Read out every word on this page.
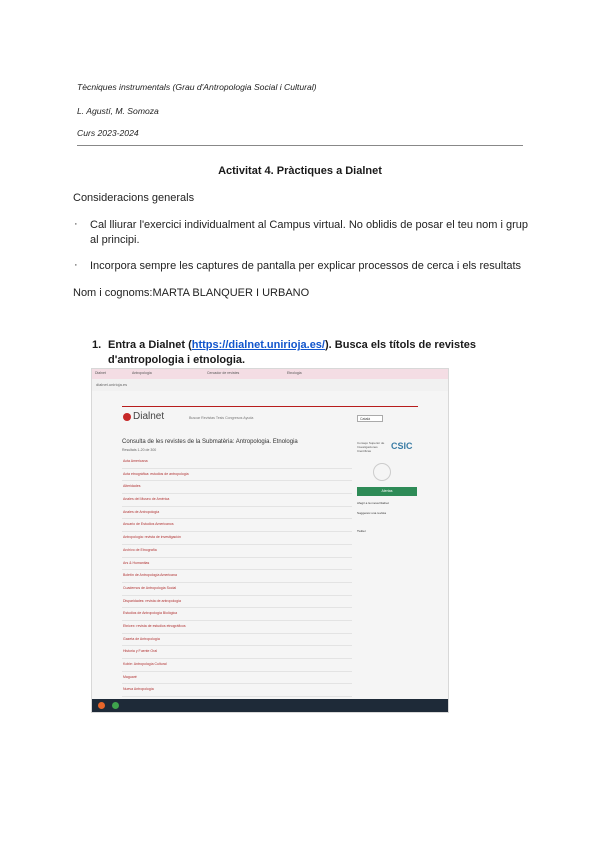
Tècniques instrumentals (Grau d'Antropologia Social i Cultural)
L. Agustí, M. Somoza
Curs 2023-2024
Activitat 4. Pràctiques a Dialnet
Consideracions generals
· Cal lliurar l'exercici individualment al Campus virtual. No oblidis de posar el teu nom i grup al principi.
· Incorpora sempre les captures de pantalla per explicar processos de cerca i els resultats
Nom i cognoms:MARTA BLANQUER I URBANO
1. Entra a Dialnet (https://dialnet.unirioja.es/). Busca els títols de revistes d'antropologia i etnologia.
Dialnet	Antropologia	Cercador de revistes	Etnologia
dialnet.unirioja.es
Dialnet	Buscar Revistas Tesis Congresos Ayuda	Català
Consulta de les revistes de la Submatèria: Antropologia. Etnologia
Resultats 1-20 de 300
Acta Americana
Acta etnográfica: estudios de antropología
Alteridades
Anales del Museo de América
Anales de Antropología
Anuario de Estudios Americanos
Antropologia: revista de investigación
Archivo de Etnografía
Ars & Humanitas
Boletín de Antropología Americana
Cuadernos de Antropología Social
Disparidades: revista de antropología
Estudios de Antropología Biológica
Etnicex: revista de estudios etnográficos
Gazeta de Antropología
Historia y Fuente Oral
Kobie: Antropología Cultural
Maguaré
Nueva Antropología
Consejo Superior de Investigaciones Científicas	CSIC
Alertas
Afegir a la meva Dialnet
Suggereix una revista
Twitter
